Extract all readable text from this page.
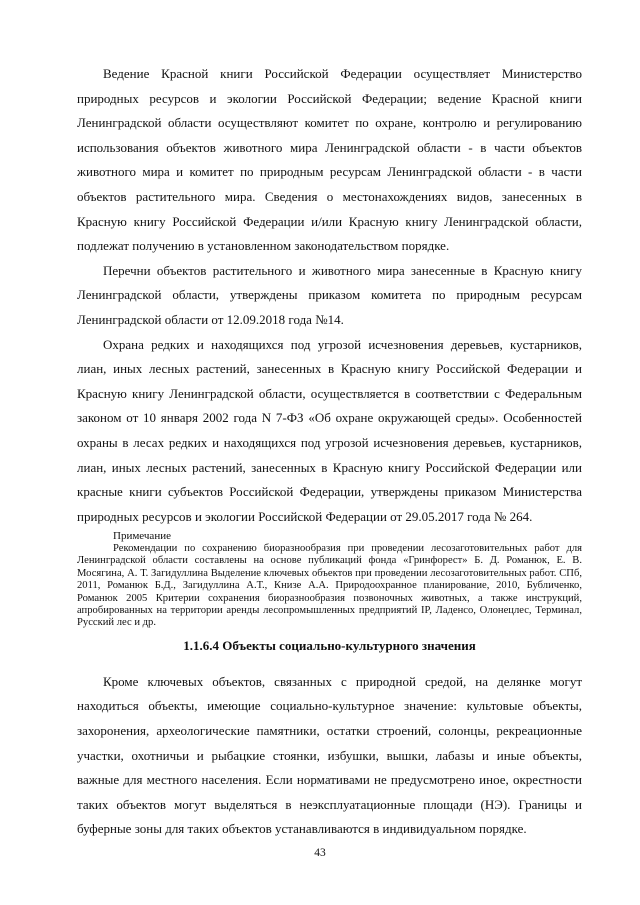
Ведение Красной книги Российской Федерации осуществляет Министерство природных ресурсов и экологии Российской Федерации; ведение Красной книги Ленинградской области осуществляют комитет по охране, контролю и регулированию использования объектов животного мира Ленинградской области - в части объектов животного мира и комитет по природным ресурсам Ленинградской области - в части объектов растительного мира. Сведения о местонахождениях видов, занесенных в Красную книгу Российской Федерации и/или Красную книгу Ленинградской области, подлежат получению в установленном законодательством порядке.

Перечни объектов растительного и животного мира занесенные в Красную книгу Ленинградской области, утверждены приказом комитета по природным ресурсам Ленинградской области от 12.09.2018 года №14.

Охрана редких и находящихся под угрозой исчезновения деревьев, кустарников, лиан, иных лесных растений, занесенных в Красную книгу Российской Федерации и Красную книгу Ленинградской области, осуществляется в соответствии с Федеральным законом от 10 января 2002 года N 7-ФЗ «Об охране окружающей среды». Особенностей охраны в лесах редких и находящихся под угрозой исчезновения деревьев, кустарников, лиан, иных лесных растений, занесенных в Красную книгу Российской Федерации или красные книги субъектов Российской Федерации, утверждены приказом Министерства природных ресурсов и экологии Российской Федерации от 29.05.2017 года № 264.

Примечание

Рекомендации по сохранению биоразнообразия при проведении лесозаготовительных работ для Ленинградской области составлены на основе публикаций фонда «Гринфорест» Б. Д. Романюк, Е. В. Мосягина, А. Т. Загидуллина Выделение ключевых объектов при проведении лесозаготовительных работ. СПб, 2011, Романюк Б.Д., Загидуллина А.Т., Книзе А.А. Природоохранное планирование, 2010, Бубличенко, Романюк 2005 Критерии сохранения биоразнообразия позвоночных животных, а также инструкций, апробированных на территории аренды лесопромышленных предприятий IP, Ладенсо, Олонецлес, Терминал, Русский лес и др.

1.1.6.4 Объекты социально-культурного значения

Кроме ключевых объектов, связанных с природной средой, на делянке могут находиться объекты, имеющие социально-культурное значение: культовые объекты, захоронения, археологические памятники, остатки строений, солонцы, рекреационные участки, охотничьи и рыбацкие стоянки, избушки, вышки, лабазы и иные объекты, важные для местного населения. Если нормативами не предусмотрено иное, окрестности таких объектов могут выделяться в неэксплуатационные площади (НЭ). Границы и буферные зоны для таких объектов устанавливаются в индивидуальном порядке.

43
